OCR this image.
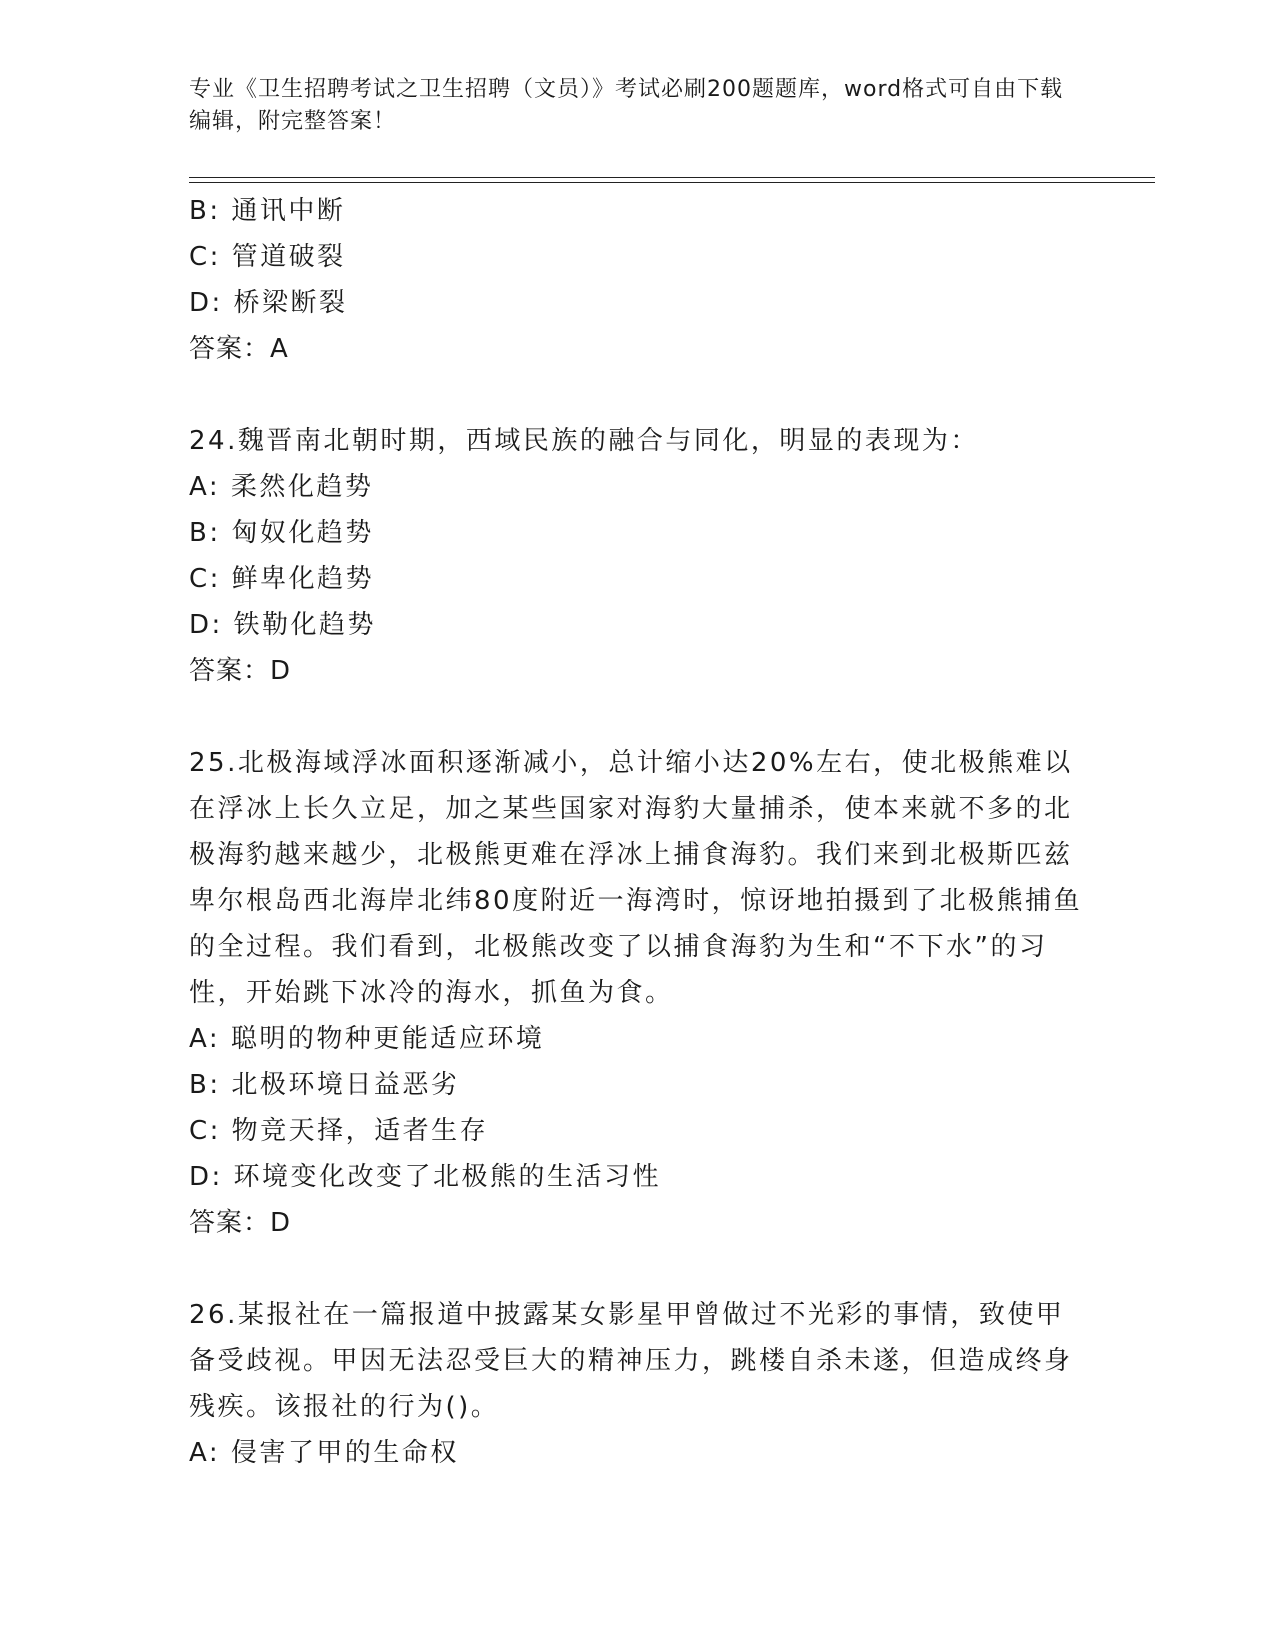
专业《卫生招聘考试之卫生招聘（文员）》考试必刷200题题库，word格式可自由下载编辑，附完整答案！
B: 通讯中断
C: 管道破裂
D: 桥梁断裂
答案：A
24.魏晋南北朝时期，西域民族的融合与同化，明显的表现为：
A: 柔然化趋势
B: 匈奴化趋势
C: 鲜卑化趋势
D: 铁勒化趋势
答案：D
25.北极海域浮冰面积逐渐减小，总计缩小达20%左右，使北极熊难以在浮冰上长久立足，加之某些国家对海豹大量捕杀，使本来就不多的北极海豹越来越少，北极熊更难在浮冰上捕食海豹。我们来到北极斯匹兹卑尔根岛西北海岸北纬80度附近一海湾时，惊讶地拍摄到了北极熊捕鱼的全过程。我们看到，北极熊改变了以捕食海豹为生和“不下水”的习性，开始跳下冰冷的海水，抓鱼为食。
A: 聪明的物种更能适应环境
B: 北极环境日益恶劣
C: 物竞天择，适者生存
D: 环境变化改变了北极熊的生活习性
答案：D
26.某报社在一篇报道中披露某女影星甲曾做过不光彩的事情，致使甲备受歧视。甲因无法忍受巨大的精神压力，跳楼自杀未遂，但造成终身残疾。该报社的行为()。
A: 侵害了甲的生命权
